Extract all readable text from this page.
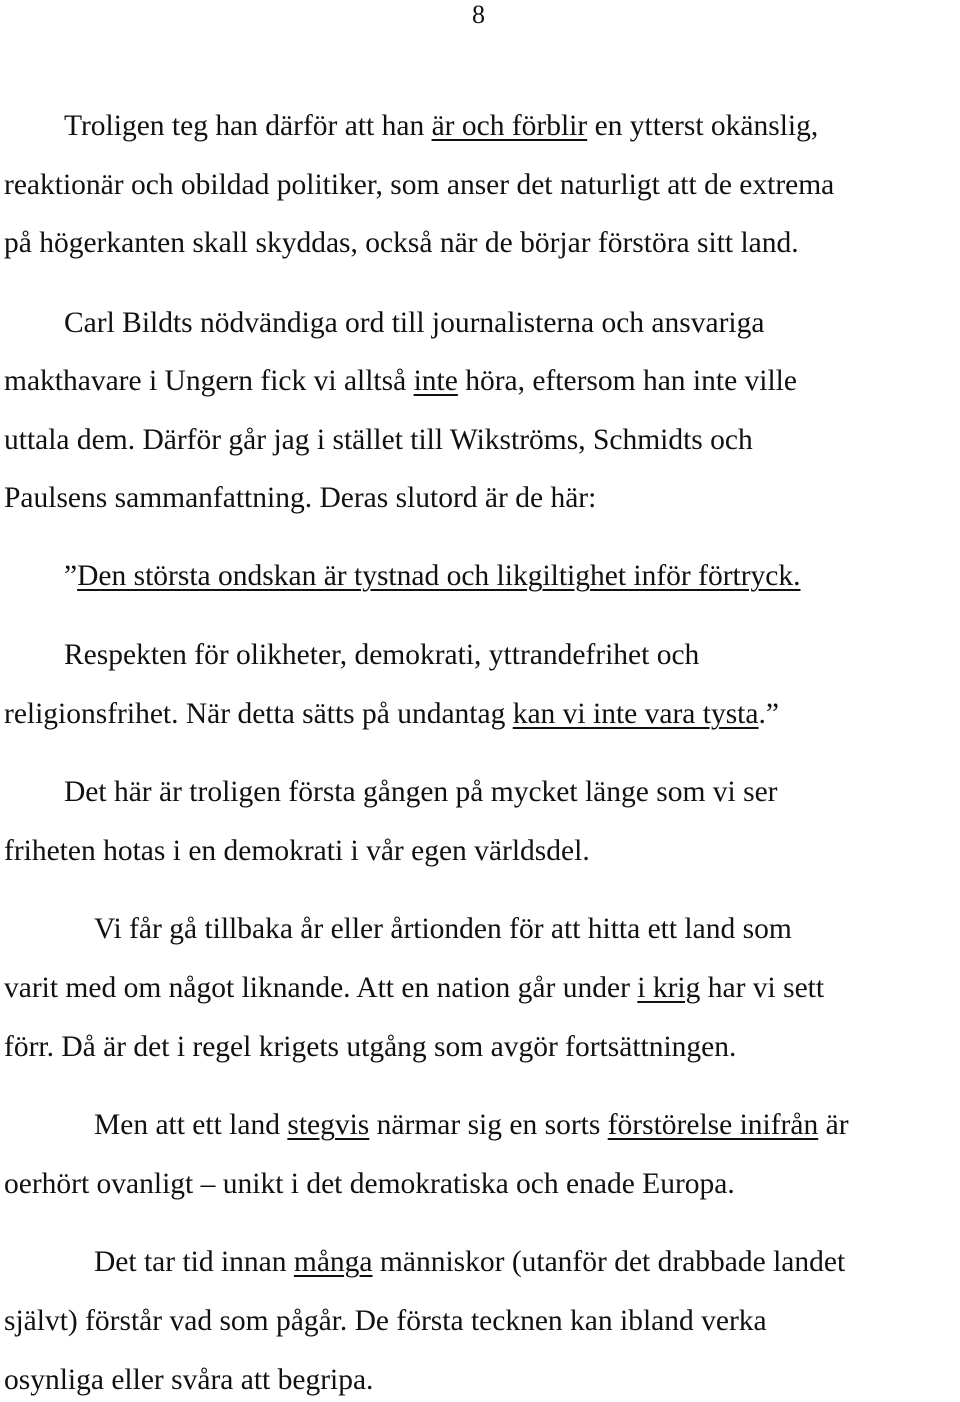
8
Troligen teg han därför att han är och förblir en ytterst okänslig,
reaktionär och obildad politiker, som anser det naturligt att de extrema
på högerkanten skall skyddas, också när de börjar förstöra sitt land.
Carl Bildts nödvändiga ord till journalisterna och ansvariga
makthavare i Ungern fick vi alltså inte höra, eftersom han inte ville
uttala dem. Därför går jag i stället till Wikströms, Schmidts och
Paulsens sammanfattning. Deras slutord är de här:
”Den största ondskan är tystnad och likgiltighet inför förtryck.
Respekten för olikheter, demokrati, yttrandefrihet och
religionsfrihet. När detta sätts på undantag kan vi inte vara tysta.”
Det här är troligen första gången på mycket länge som vi ser
friheten hotas i en demokrati i vår egen världsdel.
Vi får gå tillbaka år eller årtionden för att hitta ett land som
varit med om något liknande. Att en nation går under i krig har vi sett
förr. Då är det i regel krigets utgång som avgör fortsättningen.
Men att ett land stegvis närmar sig en sorts förstörelse inifrån är
oerhört ovanligt – unikt i det demokratiska och enade Europa.
Det tar tid innan många människor (utanför det drabbade landet
självt) förstår vad som pågår. De första tecknen kan ibland verka
osynliga eller svåra att begripa.
